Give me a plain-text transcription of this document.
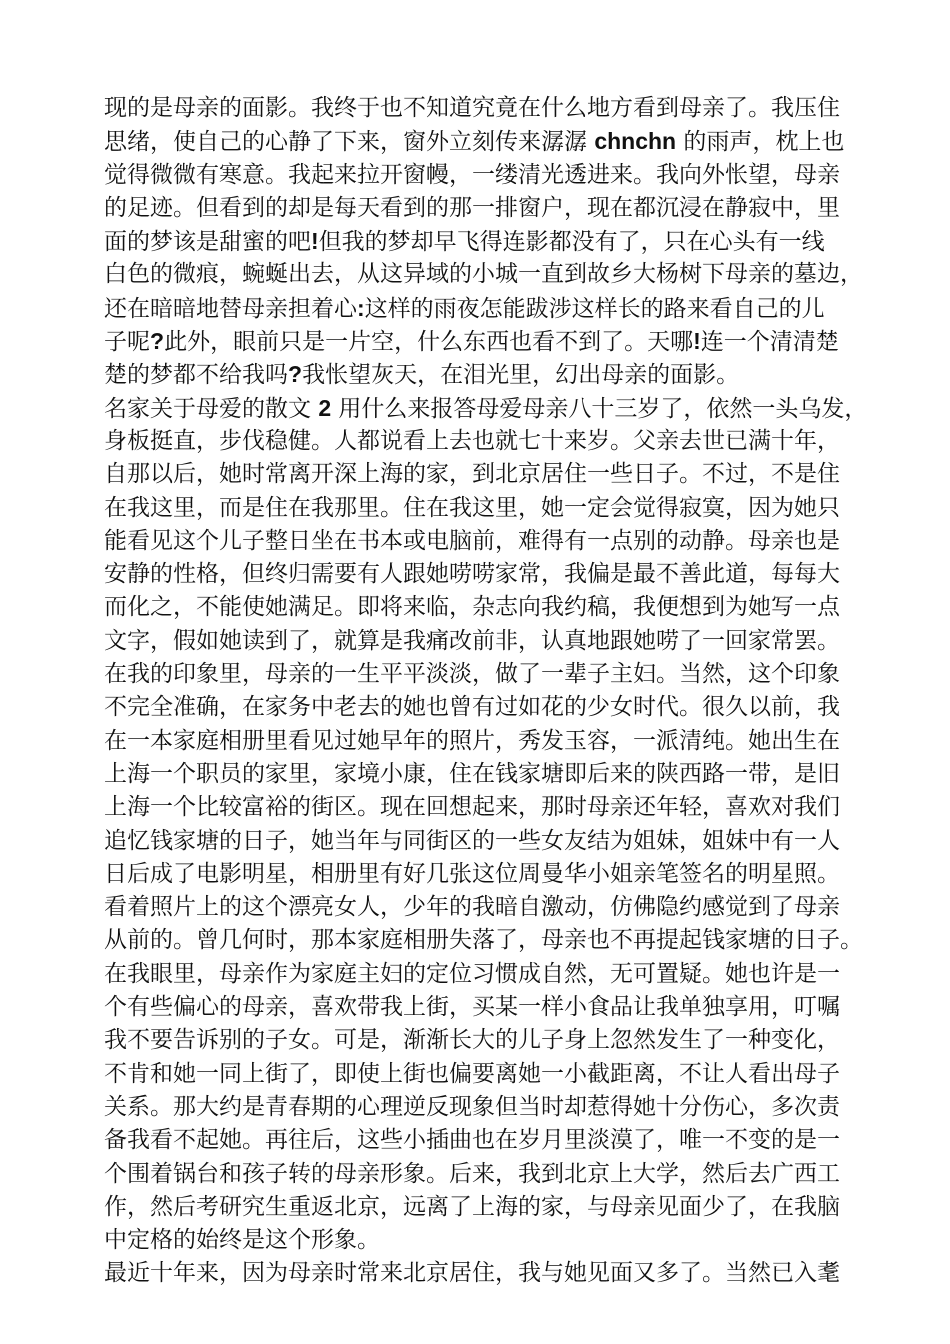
现的是母亲的面影。我终于也不知道究竟在什么地方看到母亲了。我压住
思绪，使自己的心静了下来，窗外立刻传来潺潺 chnchn 的雨声，枕上也
觉得微微有寒意。我起来拉开窗幔，一缕清光透进来。我向外怅望，母亲
的足迹。但看到的却是每天看到的那一排窗户，现在都沉浸在静寂中，里
面的梦该是甜蜜的吧!但我的梦却早飞得连影都没有了，只在心头有一线
白色的微痕，蜿蜒出去，从这异域的小城一直到故乡大杨树下母亲的墓边，
还在暗暗地替母亲担着心:这样的雨夜怎能跋涉这样长的路来看自己的儿
子呢?此外，眼前只是一片空，什么东西也看不到了。天哪!连一个清清楚
楚的梦都不给我吗?我怅望灰天，在泪光里，幻出母亲的面影。
名家关于母爱的散文 2 用什么来报答母爱母亲八十三岁了，依然一头乌发，
身板挺直，步伐稳健。人都说看上去也就七十来岁。父亲去世已满十年，
自那以后，她时常离开深上海的家，到北京居住一些日子。不过，不是住
在我这里，而是住在我那里。住在我这里，她一定会觉得寂寞，因为她只
能看见这个儿子整日坐在书本或电脑前，难得有一点别的动静。母亲也是
安静的性格，但终归需要有人跟她唠唠家常，我偏是最不善此道，每每大
而化之，不能使她满足。即将来临，杂志向我约稿，我便想到为她写一点
文字，假如她读到了，就算是我痛改前非，认真地跟她唠了一回家常罢。
在我的印象里，母亲的一生平平淡淡，做了一辈子主妇。当然，这个印象
不完全准确，在家务中老去的她也曾有过如花的少女时代。很久以前，我
在一本家庭相册里看见过她早年的照片，秀发玉容，一派清纯。她出生在
上海一个职员的家里，家境小康，住在钱家塘即后来的陕西路一带，是旧
上海一个比较富裕的街区。现在回想起来，那时母亲还年轻，喜欢对我们
追忆钱家塘的日子，她当年与同街区的一些女友结为姐妹，姐妹中有一人
日后成了电影明星，相册里有好几张这位周曼华小姐亲笔签名的明星照。
看着照片上的这个漂亮女人，少年的我暗自激动，仿佛隐约感觉到了母亲
从前的。曾几何时，那本家庭相册失落了，母亲也不再提起钱家塘的日子。
在我眼里，母亲作为家庭主妇的定位习惯成自然，无可置疑。她也许是一
个有些偏心的母亲，喜欢带我上街，买某一样小食品让我单独享用，叮嘱
我不要告诉别的子女。可是，渐渐长大的儿子身上忽然发生了一种变化，
不肯和她一同上街了，即使上街也偏要离她一小截距离，不让人看出母子
关系。那大约是青春期的心理逆反现象但当时却惹得她十分伤心，多次责
备我看不起她。再往后，这些小插曲也在岁月里淡漠了，唯一不变的是一
个围着锅台和孩子转的母亲形象。后来，我到北京上大学，然后去广西工
作，然后考研究生重返北京，远离了上海的家，与母亲见面少了，在我脑
中定格的始终是这个形象。
最近十年来，因为母亲时常来北京居住，我与她见面又多了。当然已入耄
